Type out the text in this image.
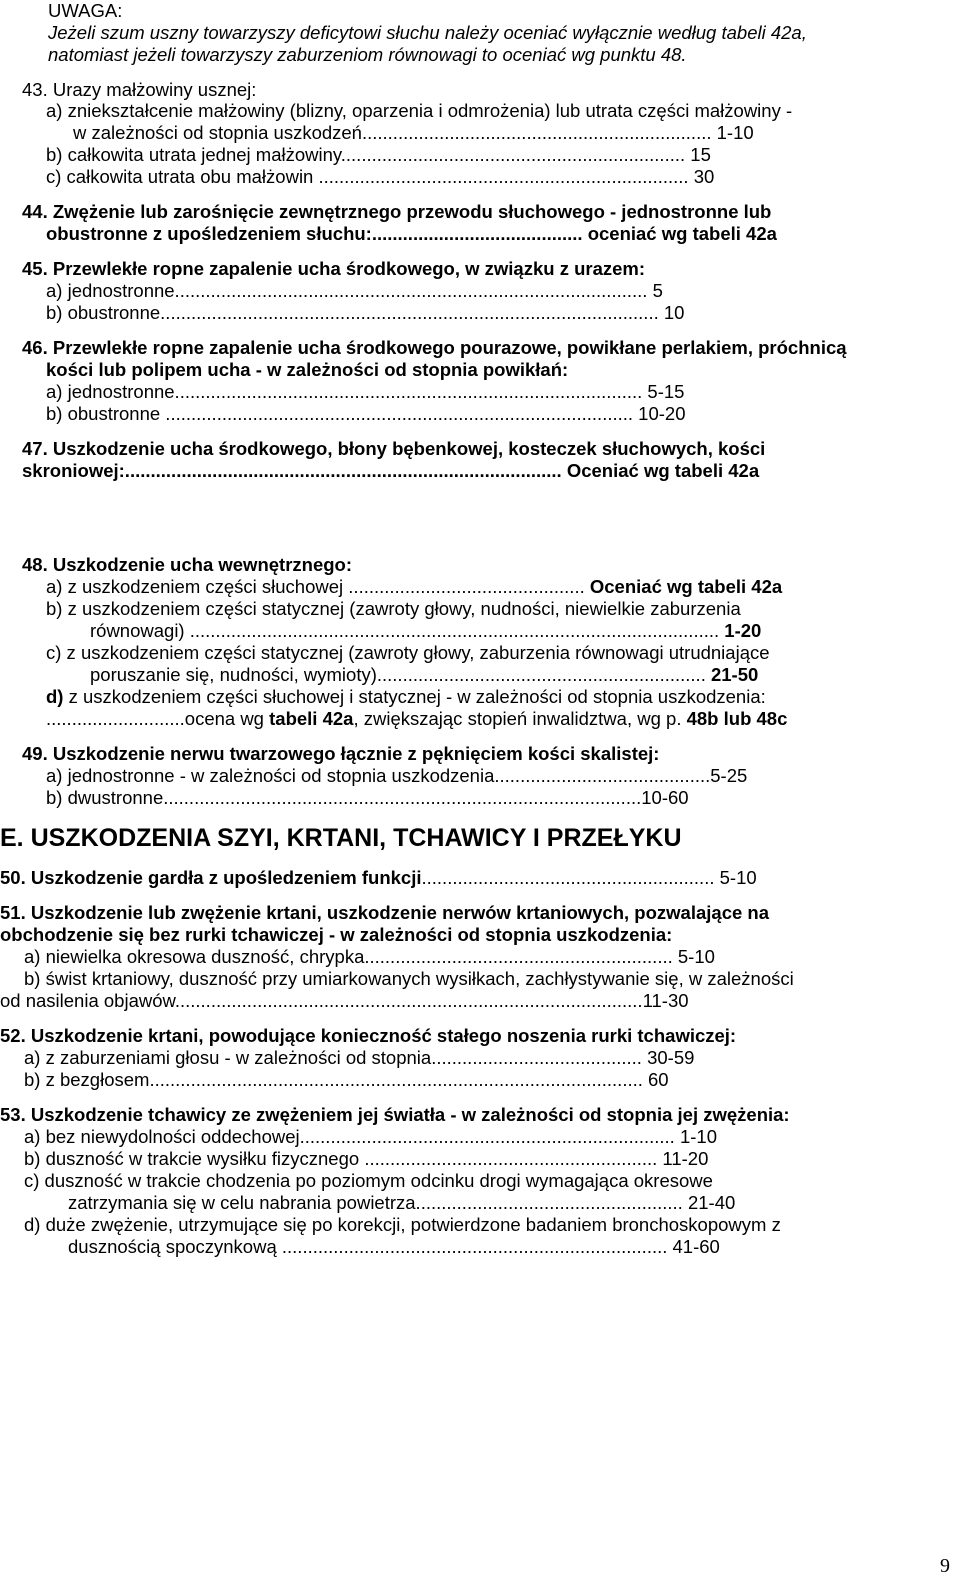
UWAGA:
Jeżeli szum uszny towarzyszy deficytowi słuchu należy oceniać wyłącznie według tabeli 42a,
natomiast jeżeli towarzyszy zaburzeniom równowagi to oceniać wg punktu 48.
43. Urazy małżowiny usznej:
a) zniekształcenie małżowiny (blizny, oparzenia i odmrożenia) lub utrata części małżowiny -
w zależności od stopnia uszkodzeń.................................................................... 1-10
b) całkowita utrata jednej małżowiny................................................................... 15
c) całkowita utrata obu małżowin ........................................................................ 30
44. Zwężenie lub zarośnięcie zewnętrznego przewodu słuchowego - jednostronne lub
obustronne z upośledzeniem słuchu:......................................... oceniać wg tabeli 42a
45. Przewlekłe ropne zapalenie ucha środkowego, w związku z urazem:
a) jednostronne............................................................................................ 5
b) obustronne................................................................................................. 10
46. Przewlekłe ropne zapalenie ucha środkowego pourazowe, powikłane perlakiem, próchnicą
kości lub polipem ucha - w zależności od stopnia powikłań:
a) jednostronne........................................................................................... 5-15
b) obustronne ........................................................................................... 10-20
47. Uszkodzenie ucha środkowego, błony bębenkowej, kosteczek słuchowych, kości
skroniowej:..................................................................................... Oceniać wg tabeli 42a
48. Uszkodzenie ucha wewnętrznego:
a) z uszkodzeniem części słuchowej .............................................. Oceniać wg tabeli 42a
b) z uszkodzeniem części statycznej (zawroty głowy, nudności, niewielkie zaburzenia
równowagi) ....................................................................................................... 1-20
c) z uszkodzeniem części statycznej (zawroty głowy, zaburzenia równowagi utrudniające
poruszanie się, nudności, wymioty)................................................................ 21-50
d) z uszkodzeniem części słuchowej i statycznej - w zależności od stopnia uszkodzenia:
...........................ocena wg tabeli 42a, zwiększając stopień inwalidztwa, wg p. 48b lub 48c
49. Uszkodzenie nerwu twarzowego łącznie z pęknięciem kości skalistej:
a) jednostronne - w zależności od stopnia uszkodzenia..........................................5-25
b) dwustronne.............................................................................................10-60
E. USZKODZENIA SZYI, KRTANI, TCHAWICY I PRZEŁYKU
50. Uszkodzenie gardła z upośledzeniem funkcji......................................................... 5-10
51. Uszkodzenie lub zwężenie krtani, uszkodzenie nerwów krtaniowych, pozwalające na
obchodzenie się bez rurki tchawiczej - w zależności od stopnia uszkodzenia:
a) niewielka okresowa duszność, chrypka............................................................ 5-10
b) świst krtaniowy, duszność przy umiarkowanych wysiłkach, zachłystywanie się, w zależności
od nasilenia objawów...........................................................................................11-30
52. Uszkodzenie krtani, powodujące konieczność stałego noszenia rurki tchawiczej:
a) z zaburzeniami głosu - w zależności od stopnia......................................... 30-59
b) z bezgłosem................................................................................................ 60
53. Uszkodzenie tchawicy ze zwężeniem jej światła - w zależności od stopnia jej zwężenia:
a) bez niewydolności oddechowej......................................................................... 1-10
b) duszność w trakcie wysiłku fizycznego ......................................................... 11-20
c) duszność w trakcie chodzenia po poziomym odcinku drogi wymagająca okresowe
zatrzymania się w celu nabrania powietrza.................................................... 21-40
d) duże zwężenie, utrzymujące się po korekcji, potwierdzone badaniem bronchoskopowym z
dusznością spoczynkową ........................................................................... 41-60
9
